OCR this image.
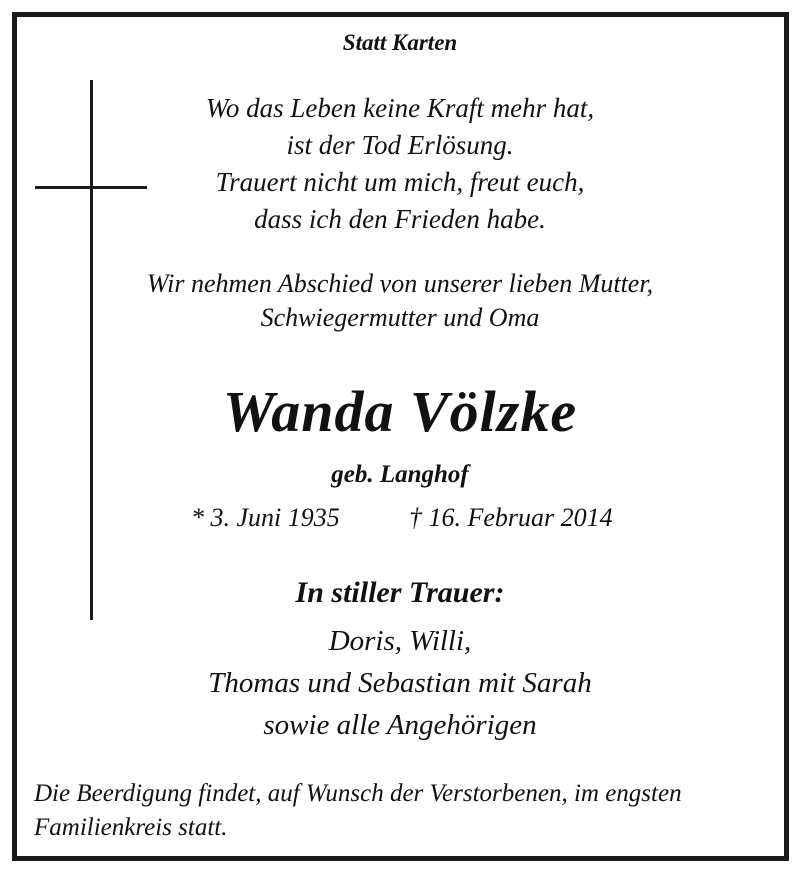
Statt Karten
Wo das Leben keine Kraft mehr hat,
ist der Tod Erlösung.
Trauert nicht um mich, freut euch,
dass ich den Frieden habe.
Wir nehmen Abschied von unserer lieben Mutter,
Schwiegermutter und Oma
Wanda Völzke
geb. Langhof
* 3. Juni 1935	† 16. Februar 2014
In stiller Trauer:
Doris, Willi,
Thomas und Sebastian mit Sarah
sowie alle Angehörigen
Die Beerdigung findet, auf Wunsch der Verstorbenen, im engsten
Familienkreis statt.
